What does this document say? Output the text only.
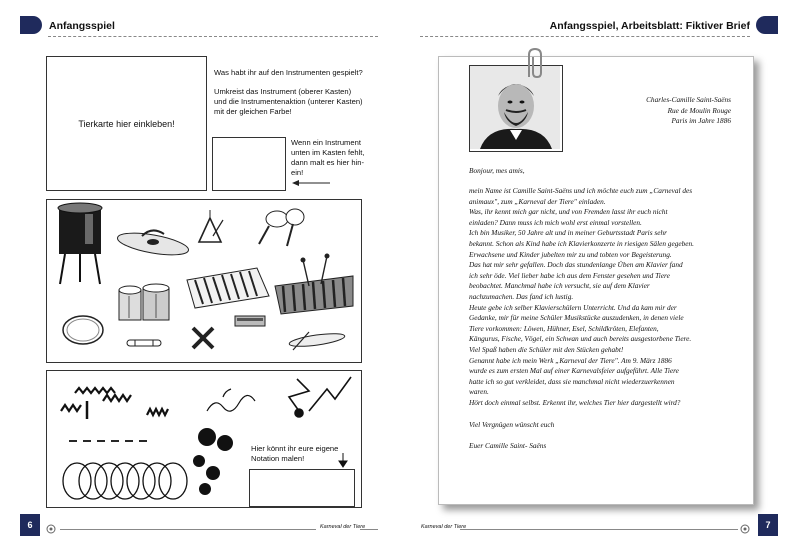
Anfangsspiel	Anfangsspiel, Arbeitsblatt: Fiktiver Brief
Tierkarte hier einkleben!
Was habt ihr auf den Instrumenten gespielt?
Umkreist das Instrument (oberer Kasten)
und die Instrumentenaktion (unterer Kasten)
mit der gleichen Farbe!
Wenn ein Instrument
unten im Kasten fehlt,
dann malt es hier hin-
ein!
Hier könnt ihr eure eigene
Notation malen!

Charles-Camille Saint-Saëns

Rue de Moulin Rouge

Paris im Jahre 1886

Bonjour, mes amis,

mein Name ist Camille Saint-Saëns und ich möchte euch zum „Carneval des

animaux", zum „Karneval der Tiere" einladen.

Was, ihr kennt mich gar nicht, und von Fremden lasst ihr euch nicht

einladen? Dann muss ich mich wohl erst einmal vorstellen.

Ich bin Musiker, 50 Jahre alt und in meiner Geburtsstadt Paris sehr

bekannt. Schon als Kind habe ich Klavierkonzerte in riesigen Sälen gegeben.

Erwachsene und Kinder jubelten mir zu und tobten vor Begeisterung.

Das hat mir sehr gefallen. Doch das stundenlange Üben am Klavier fand

ich sehr öde. Viel lieber habe ich aus dem Fenster gesehen und Tiere

beobachtet. Manchmal habe ich versucht, sie auf dem Klavier

nachzumachen. Das fand ich lustig.

Heute gebe ich selber Klavierschülern Unterricht. Und da kam mir der

Gedanke, mir für meine Schüler Musikstücke auszudenken, in denen viele

Tiere vorkommen: Löwen, Hühner, Esel, Schildkröten, Elefanten,

Kängurus, Fische, Vögel, ein Schwan und auch bereits ausgestorbene Tiere.

Viel Spaß haben die Schüler mit den Stücken gehabt!

Genannt habe ich mein Werk „Karneval der Tiere". Am 9. März 1886

wurde es zum ersten Mal auf einer Karnevalsfeier aufgeführt. Alle Tiere

hatte ich so gut verkleidet, dass sie manchmal nicht wiederzuerkennen

waren.

Hört doch einmal selbst. Erkennt ihr, welches Tier hier dargestellt wird?

Viel Vergnügen wünscht euch
Euer Camille Saint- Saëns
6	Karneval der Tiere	Karneval der Tiere	7
